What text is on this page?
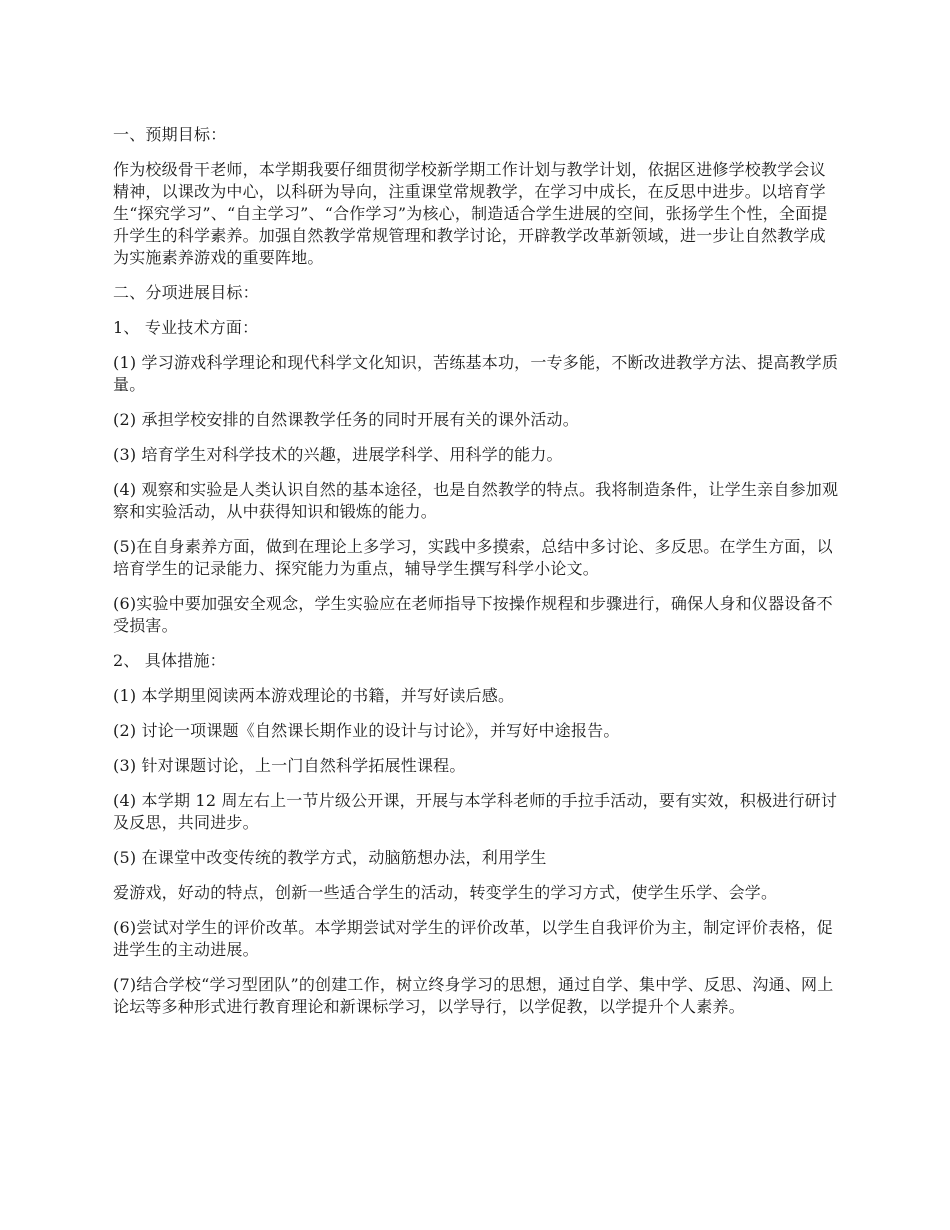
一、预期目标：

作为校级骨干老师，本学期我要仔细贯彻学校新学期工作计划与教学计划，依据区进修学校教学会议精神，以课改为中心，以科研为导向，注重课堂常规教学，在学习中成长，在反思中进步。以培育学生“探究学习”、“自主学习”、“合作学习”为核心，制造适合学生进展的空间，张扬学生个性，全面提升学生的科学素养。加强自然教学常规管理和教学讨论，开辟教学改革新领域，进一步让自然教学成为实施素养游戏的重要阵地。

二、分项进展目标：

1、 专业技术方面：

(1) 学习游戏科学理论和现代科学文化知识，苦练基本功，一专多能，不断改进教学方法、提高教学质量。

(2) 承担学校安排的自然课教学任务的同时开展有关的课外活动。

(3) 培育学生对科学技术的兴趣，进展学科学、用科学的能力。

(4) 观察和实验是人类认识自然的基本途径，也是自然教学的特点。我将制造条件，让学生亲自参加观察和实验活动，从中获得知识和锻炼的能力。

(5)在自身素养方面，做到在理论上多学习，实践中多摸索，总结中多讨论、多反思。在学生方面，以培育学生的记录能力、探究能力为重点，辅导学生撰写科学小论文。

(6)实验中要加强安全观念，学生实验应在老师指导下按操作规程和步骤进行，确保人身和仪器设备不受损害。

2、 具体措施：

(1) 本学期里阅读两本游戏理论的书籍，并写好读后感。

(2) 讨论一项课题《自然课长期作业的设计与讨论》，并写好中途报告。

(3) 针对课题讨论，上一门自然科学拓展性课程。

(4) 本学期 12 周左右上一节片级公开课，开展与本学科老师的手拉手活动，要有实效，积极进行研讨及反思，共同进步。

(5) 在课堂中改变传统的教学方式，动脑筋想办法，利用学生

爱游戏，好动的特点，创新一些适合学生的活动，转变学生的学习方式，使学生乐学、会学。

(6)尝试对学生的评价改革。本学期尝试对学生的评价改革，以学生自我评价为主，制定评价表格，促进学生的主动进展。

(7)结合学校“学习型团队”的创建工作，树立终身学习的思想，通过自学、集中学、反思、沟通、网上论坛等多种形式进行教育理论和新课标学习，以学导行，以学促教，以学提升个人素养。
